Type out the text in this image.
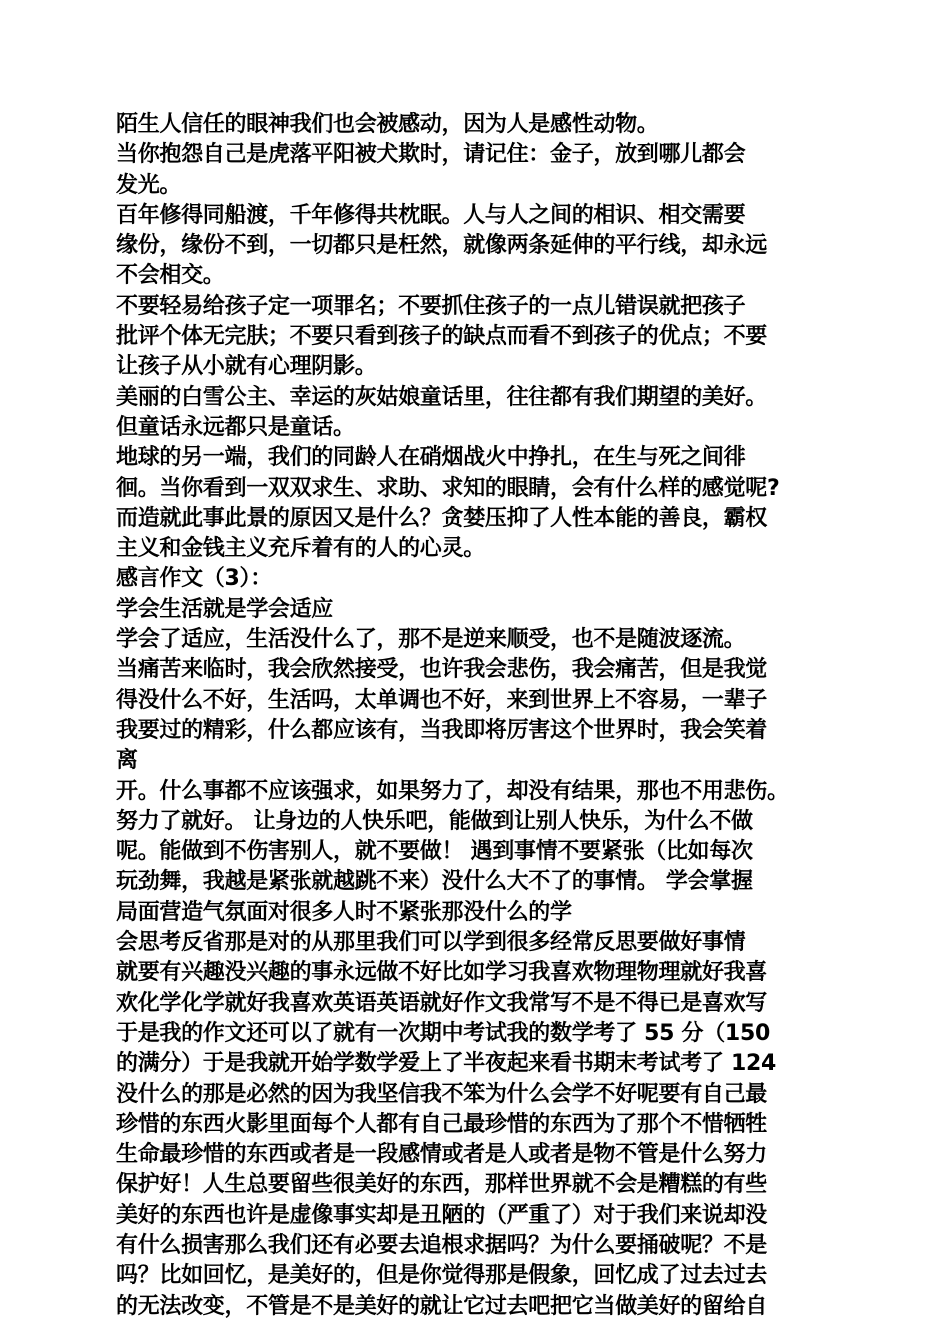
陌生人信任的眼神我们也会被感动，因为人是感性动物。
当你抱怨自己是虎落平阳被犬欺时，请记住：金子，放到哪儿都会
发光。
百年修得同船渡，千年修得共枕眠。人与人之间的相识、相交需要
缘份，缘份不到，一切都只是枉然，就像两条延伸的平行线，却永远
不会相交。
不要轻易给孩子定一项罪名；不要抓住孩子的一点儿错误就把孩子
批评个体无完肤；不要只看到孩子的缺点而看不到孩子的优点；不要
让孩子从小就有心理阴影。
美丽的白雪公主、幸运的灰姑娘童话里，往往都有我们期望的美好。
但童话永远都只是童话。
地球的另一端，我们的同龄人在硝烟战火中挣扎，在生与死之间徘
徊。当你看到一双双求生、求助、求知的眼睛，会有什么样的感觉呢?
而造就此事此景的原因又是什么？贪婪压抑了人性本能的善良，霸权
主义和金钱主义充斥着有的人的心灵。
感言作文（3）：
学会生活就是学会适应
学会了适应，生活没什么了，那不是逆来顺受，也不是随波逐流。
当痛苦来临时，我会欣然接受，也许我会悲伤，我会痛苦，但是我觉
得没什么不好，生活吗，太单调也不好，来到世界上不容易，一辈子
我要过的精彩，什么都应该有，当我即将厉害这个世界时，我会笑着
离
开。什么事都不应该强求，如果努力了，却没有结果，那也不用悲伤。
努力了就好。 让身边的人快乐吧，能做到让别人快乐，为什么不做
呢。能做到不伤害别人，就不要做！ 遇到事情不要紧张（比如每次
玩劲舞，我越是紧张就越跳不来）没什么大不了的事情。 学会掌握
局面营造气氛面对很多人时不紧张那没什么的学
会思考反省那是对的从那里我们可以学到很多经常反思要做好事情
就要有兴趣没兴趣的事永远做不好比如学习我喜欢物理物理就好我喜
欢化学化学就好我喜欢英语英语就好作文我常写不是不得已是喜欢写
于是我的作文还可以了就有一次期中考试我的数学考了 55 分（150
的满分）于是我就开始学数学爱上了半夜起来看书期末考试考了 124
没什么的那是必然的因为我坚信我不笨为什么会学不好呢要有自己最
珍惜的东西火影里面每个人都有自己最珍惜的东西为了那个不惜牺牲
生命最珍惜的东西或者是一段感情或者是人或者是物不管是什么努力
保护好！人生总要留些很美好的东西，那样世界就不会是糟糕的有些
美好的东西也许是虚像事实却是丑陋的（严重了）对于我们来说却没
有什么损害那么我们还有必要去追根求据吗？为什么要捅破呢？不是
吗？比如回忆，是美好的，但是你觉得那是假象，回忆成了过去过去
的无法改变，不管是不是美好的就让它过去吧把它当做美好的留给自
